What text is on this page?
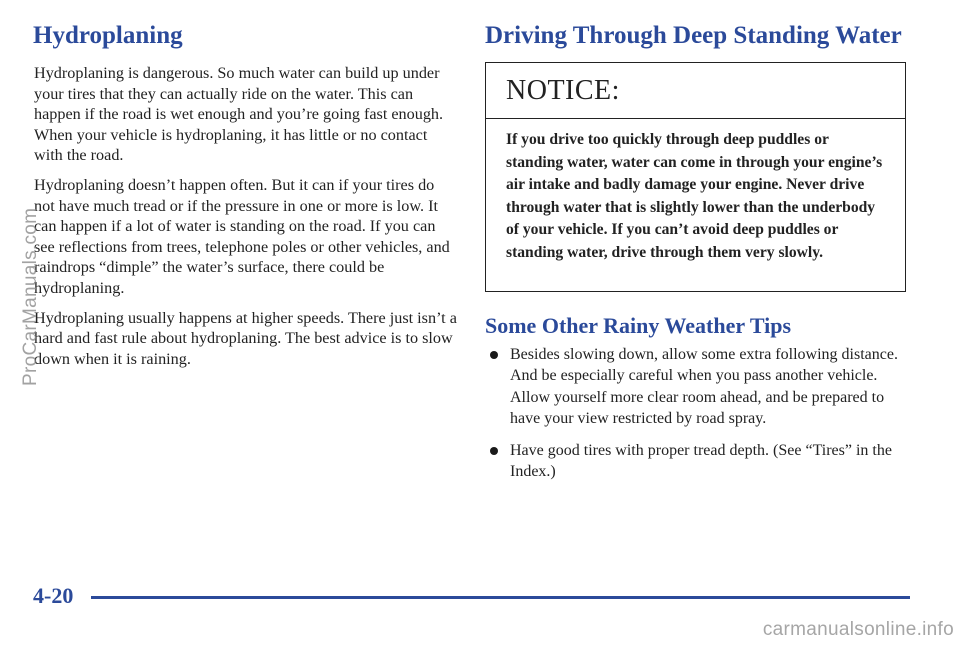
Hydroplaning

Hydroplaning is dangerous. So much water can build up under your tires that they can actually ride on the water. This can happen if the road is wet enough and you’re going fast enough. When your vehicle is hydroplaning, it has little or no contact with the road.

Hydroplaning doesn’t happen often. But it can if your tires do not have much tread or if the pressure in one or more is low. It can happen if a lot of water is standing on the road. If you can see reflections from trees, telephone poles or other vehicles, and raindrops “dimple” the water’s surface, there could be hydroplaning.

Hydroplaning usually happens at higher speeds. There just isn’t a hard and fast rule about hydroplaning. The best advice is to slow down when it is raining.

Driving Through Deep Standing Water
NOTICE:
If you drive too quickly through deep puddles or standing water, water can come in through your engine’s air intake and badly damage your engine. Never drive through water that is slightly lower than the underbody of your vehicle. If you can’t avoid deep puddles or standing water, drive through them very slowly.
Some Other Rainy Weather Tips
Besides slowing down, allow some extra following distance. And be especially careful when you pass another vehicle. Allow yourself more clear room ahead, and be prepared to have your view restricted by road spray.
Have good tires with proper tread depth. (See “Tires” in the Index.)
4-20
ProCarManuals.com
carmanualsonline.info
